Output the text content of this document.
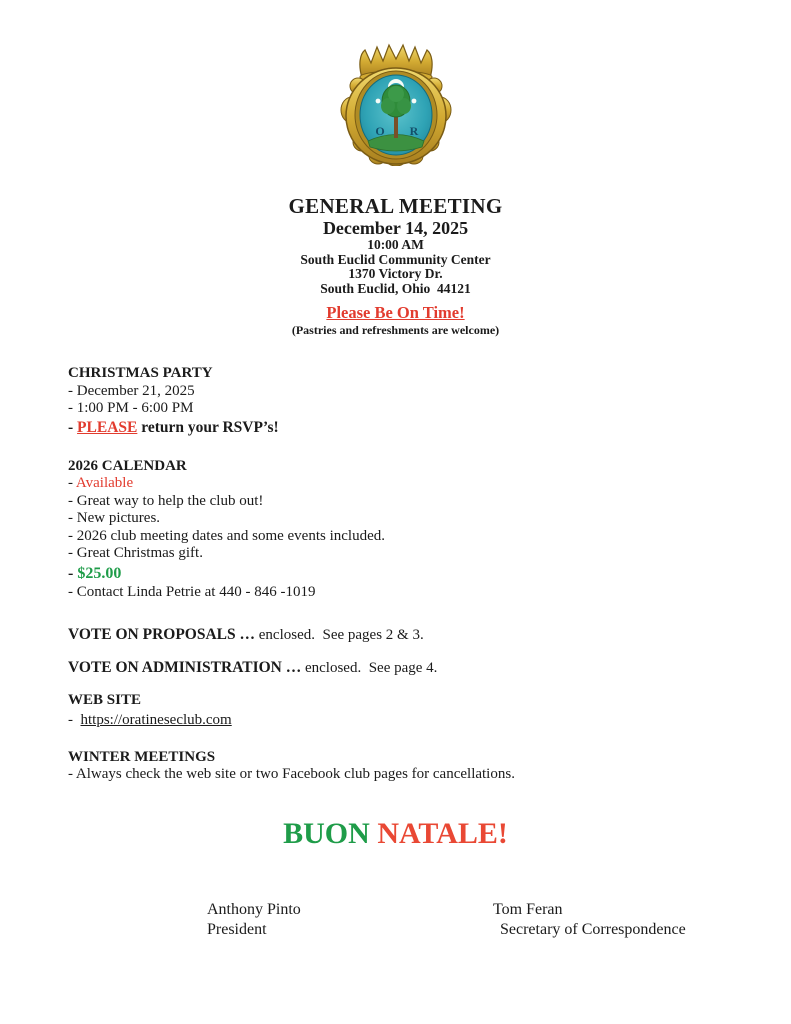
O R
GENERAL MEETING
December 14, 2025
10:00 AM
South Euclid Community Center
1370 Victory Dr.
South Euclid, Ohio  44121
Please Be On Time!
(Pastries and refreshments are welcome)
CHRISTMAS PARTY
- December 21, 2025
- 1:00 PM - 6:00 PM
- PLEASE return your RSVP’s!
2026 CALENDAR
- Available
- Great way to help the club out!
- New pictures.
- 2026 club meeting dates and some events included.
- Great Christmas gift.
- $25.00
- Contact Linda Petrie at 440 - 846 -1019
VOTE ON PROPOSALS … enclosed.  See pages 2 & 3.
VOTE ON ADMINISTRATION … enclosed.  See page 4.
WEB SITE
-  https://oratineseclub.com
WINTER MEETINGS
- Always check the web site or two Facebook club pages for cancellations.
BUON NATALE!
Anthony Pinto
President
Tom Feran
Secretary of Correspondence
